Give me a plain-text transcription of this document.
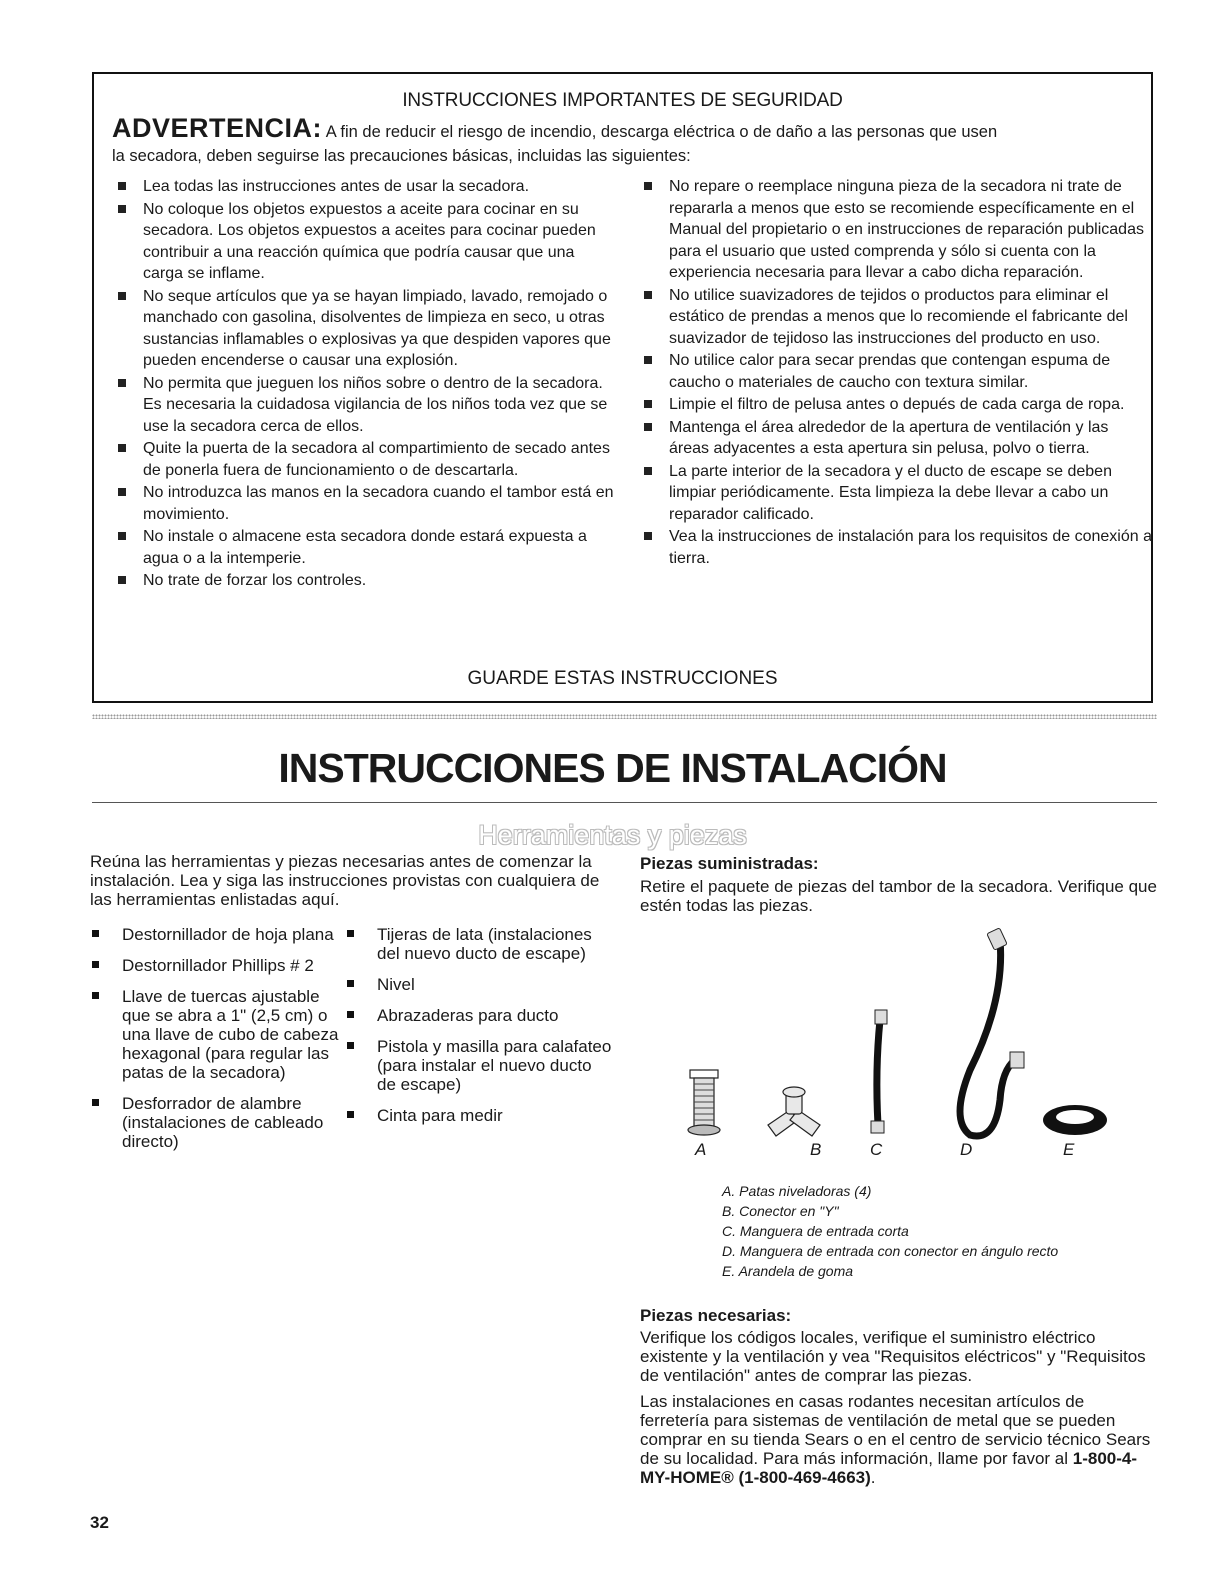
INSTRUCCIONES IMPORTANTES DE SEGURIDAD
ADVERTENCIA: A fin de reducir el riesgo de incendio, descarga eléctrica o de daño a las personas que usen
la secadora, deben seguirse las precauciones básicas, incluidas las siguientes:
Lea todas las instrucciones antes de usar la secadora.
No coloque los objetos expuestos a aceite para cocinar en su secadora. Los objetos expuestos a aceites para cocinar pueden contribuir a una reacción química que podría causar que una carga se inflame.
No seque artículos que ya se hayan limpiado, lavado, remojado o manchado con gasolina, disolventes de limpieza en seco, u otras sustancias inflamables o explosivas ya que despiden vapores que pueden encenderse o causar una explosión.
No permita que jueguen los niños sobre o dentro de la secadora. Es necesaria la cuidadosa vigilancia de los niños toda vez que se use la secadora cerca de ellos.
Quite la puerta de la secadora al compartimiento de secado antes de ponerla fuera de funcionamiento o de descartarla.
No introduzca las manos en la secadora cuando el tambor está en movimiento.
No instale o almacene esta secadora donde estará expuesta a agua o a la intemperie.
No trate de forzar los controles.
No repare o reemplace ninguna pieza de la secadora ni trate de repararla a menos que esto se recomiende específicamente en el Manual del propietario o en instrucciones de reparación publicadas para el usuario que usted comprenda y sólo si cuenta con la experiencia necesaria para llevar a cabo dicha reparación.
No utilice suavizadores de tejidos o productos para eliminar el estático de prendas a menos que lo recomiende el fabricante del suavizador de tejidoso las instrucciones del producto en uso.
No utilice calor para secar prendas que contengan espuma de caucho o materiales de caucho con textura similar.
Limpie el filtro de pelusa antes o depués de cada carga de ropa.
Mantenga el área alrededor de la apertura de ventilación y las áreas adyacentes a esta apertura sin pelusa, polvo o tierra.
La parte interior de la secadora y el ducto de escape se deben limpiar periódicamente. Esta limpieza la debe llevar a cabo un reparador calificado.
Vea la instrucciones de instalación para los requisitos de conexión a tierra.
GUARDE ESTAS INSTRUCCIONES
INSTRUCCIONES DE INSTALACIÓN
Herramientas y piezas
Reúna las herramientas y piezas necesarias antes de comenzar la instalación. Lea y siga las instrucciones provistas con cualquiera de las herramientas enlistadas aquí.
Destornillador de hoja plana
Destornillador Phillips # 2
Llave de tuercas ajustable que se abra a 1" (2,5 cm) o una llave de cubo de cabeza hexagonal (para regular las patas de la secadora)
Desforrador de alambre (instalaciones de cableado directo)
Tijeras de lata (instalaciones del nuevo ducto de escape)
Nivel
Abrazaderas para ducto
Pistola y masilla para calafateo (para instalar el nuevo ducto de escape)
Cinta para medir
Piezas suministradas:
Retire el paquete de piezas del tambor de la secadora. Verifique que estén todas las piezas.
A	B	C	D	E
A. Patas niveladoras (4)
B. Conector en "Y"
C. Manguera de entrada corta
D. Manguera de entrada con conector en ángulo recto
E. Arandela de goma
Piezas necesarias:
Verifique los códigos locales, verifique el suministro eléctrico existente y la ventilación y vea "Requisitos eléctricos" y "Requisitos de ventilación" antes de comprar las piezas.
Las instalaciones en casas rodantes necesitan artículos de ferretería para sistemas de ventilación de metal que se pueden comprar en su tienda Sears o en el centro de servicio técnico Sears de su localidad. Para más información, llame por favor al 1-800-4-MY-HOME® (1-800-469-4663).
32
